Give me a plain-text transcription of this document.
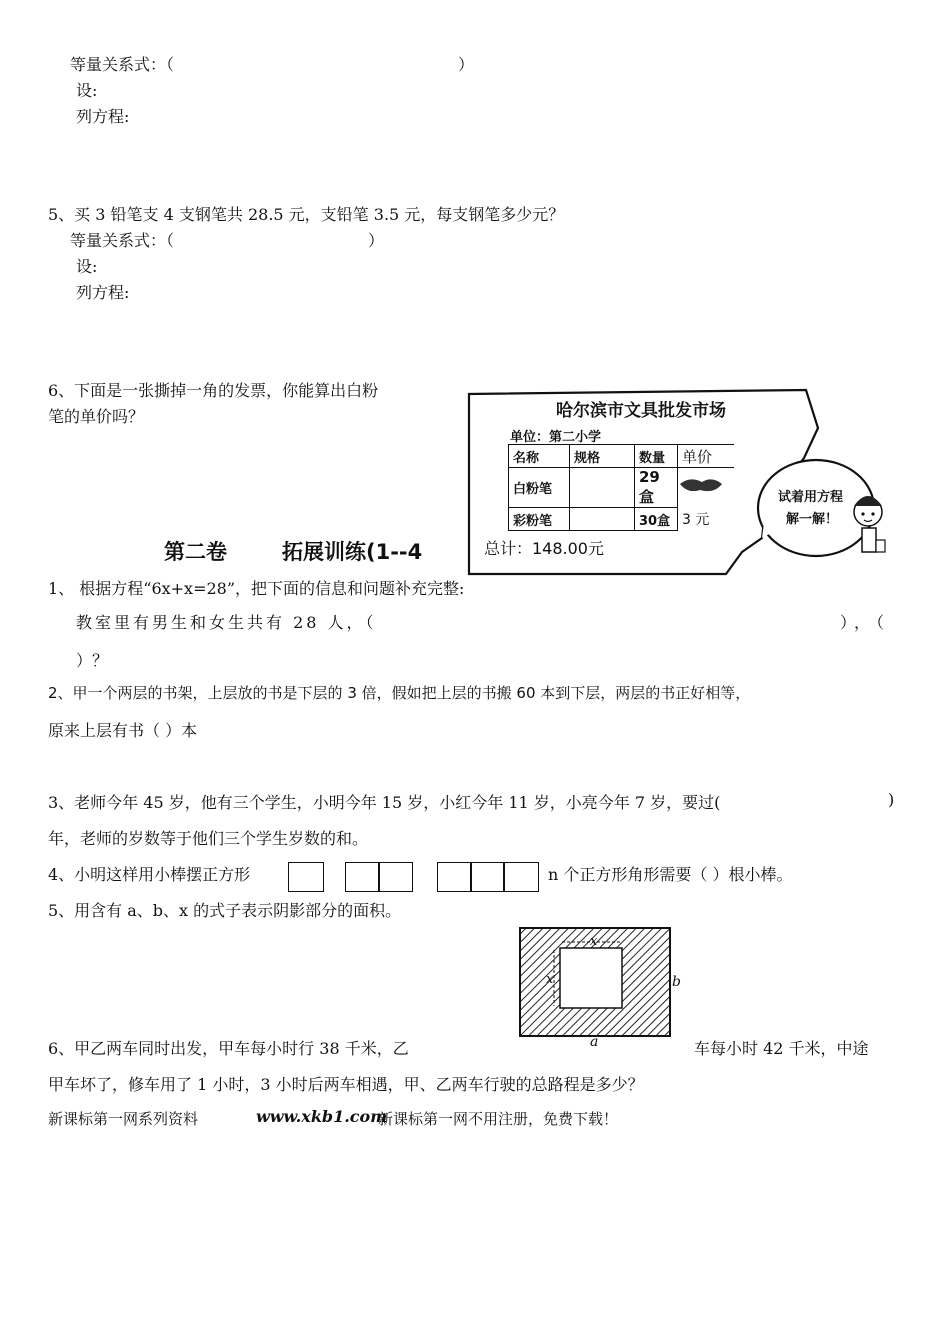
等量关系式：（	）
设:
列方程:
5、买 3 铅笔支 4 支钢笔共 28.5 元，支铅笔 3.5 元，每支钢笔多少元？
等量关系式：（	）
设:
列方程:
6、下面是一张撕掉一角的发票，你能算出白粉
笔的单价吗？	哈尔滨市文具批发市场
单位：第二小学
名称	规格	数量	单价
白粉笔		29盒	
彩粉笔		30盒	3 元
总计：148.00元
试着用方程
解一解！
第二卷	拓展训练(1--4
1、 根据方程“6x+x=28”，把下面的信息和问题补充完整:
教室里有男生和女生共有 28 人，（	），（
）？
2、甲一个两层的书架，上层放的书是下层的 3 倍，假如把上层的书搬 60 本到下层，两层的书正好相等，
原来上层有书（ ）本
3、老师今年 45 岁，他有三个学生，小明今年 15 岁，小红今年 11 岁，小亮今年 7 岁，要过(	)
年，老师的岁数等于他们三个学生岁数的和。
4、小明这样用小棒摆正方形	n 个正方形角形需要（ ）根小棒。
5、用含有 a、b、x 的式子表示阴影部分的面积。
x
x	b
a
6、甲乙两车同时出发，甲车每小时行 38 千米，乙	车每小时 42 千米，中途
甲车坏了，修车用了 1 小时，3 小时后两车相遇，甲、乙两车行驶的总路程是多少？
新课标第一网系列资料	www.xkb1.com
新课标第一网不用注册，免费下载！
